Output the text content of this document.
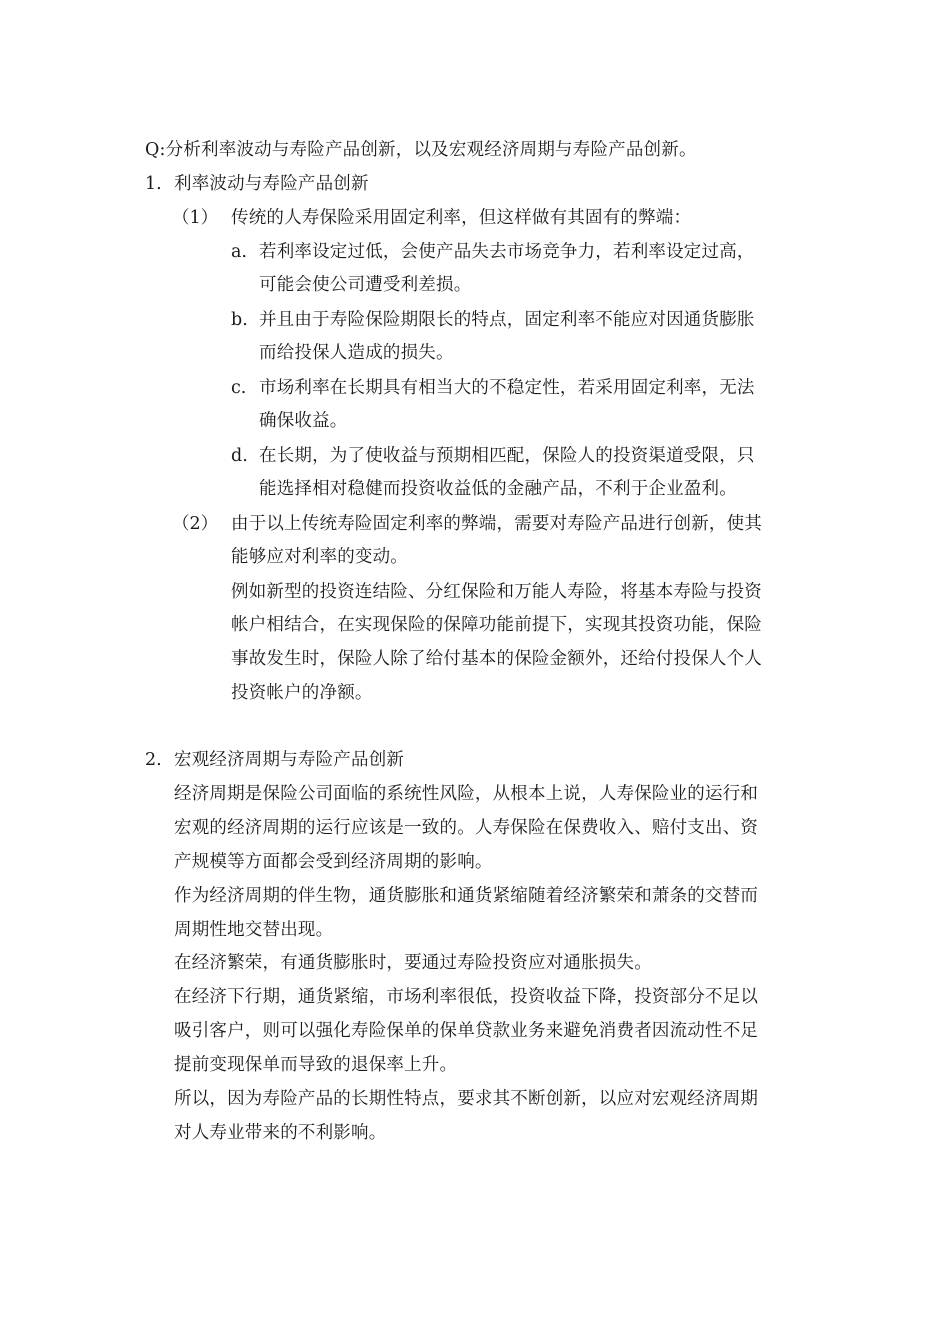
Q:分析利率波动与寿险产品创新，以及宏观经济周期与寿险产品创新。
1. 利率波动与寿险产品创新
（1） 传统的人寿保险采用固定利率，但这样做有其固有的弊端：
a. 若利率设定过低，会使产品失去市场竞争力，若利率设定过高，
可能会使公司遭受利差损。
b. 并且由于寿险保险期限长的特点，固定利率不能应对因通货膨胀
而给投保人造成的损失。
c. 市场利率在长期具有相当大的不稳定性，若采用固定利率，无法
确保收益。
d. 在长期，为了使收益与预期相匹配，保险人的投资渠道受限，只
能选择相对稳健而投资收益低的金融产品，不利于企业盈利。
（2） 由于以上传统寿险固定利率的弊端，需要对寿险产品进行创新，使其
能够应对利率的变动。
例如新型的投资连结险、分红保险和万能人寿险，将基本寿险与投资
帐户相结合，在实现保险的保障功能前提下，实现其投资功能，保险
事故发生时，保险人除了给付基本的保险金额外，还给付投保人个人
投资帐户的净额。
2. 宏观经济周期与寿险产品创新
经济周期是保险公司面临的系统性风险，从根本上说，人寿保险业的运行和
宏观的经济周期的运行应该是一致的。人寿保险在保费收入、赔付支出、资
产规模等方面都会受到经济周期的影响。
作为经济周期的伴生物，通货膨胀和通货紧缩随着经济繁荣和萧条的交替而
周期性地交替出现。
在经济繁荣，有通货膨胀时，要通过寿险投资应对通胀损失。
在经济下行期，通货紧缩，市场利率很低，投资收益下降，投资部分不足以
吸引客户，则可以强化寿险保单的保单贷款业务来避免消费者因流动性不足
提前变现保单而导致的退保率上升。
所以，因为寿险产品的长期性特点，要求其不断创新，以应对宏观经济周期
对人寿业带来的不利影响。
